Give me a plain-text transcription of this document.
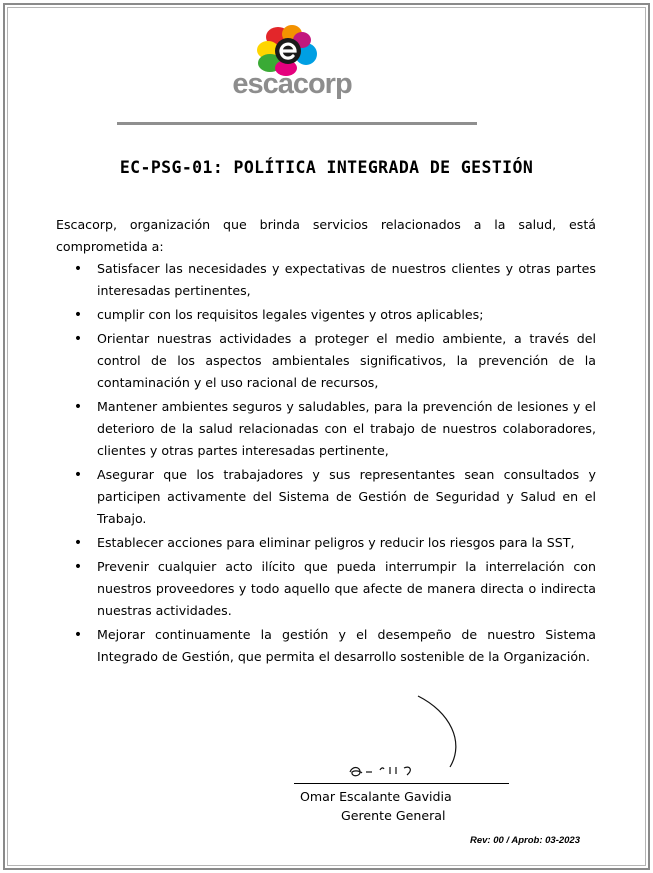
escacorp
EC-PSG-01: POLÍTICA INTEGRADA DE GESTIÓN

Escacorp, organización que brinda servicios relacionados a la salud, está comprometida a:

• Satisfacer las necesidades y expectativas de nuestros clientes y otras partes interesadas pertinentes,
• cumplir con los requisitos legales vigentes y otros aplicables;
• Orientar nuestras actividades a proteger el medio ambiente, a través del control de los aspectos ambientales significativos, la prevención de la contaminación y el uso racional de recursos,
• Mantener ambientes seguros y saludables, para la prevención de lesiones y el deterioro de la salud relacionadas con el trabajo de nuestros colaboradores, clientes y otras partes interesadas pertinente,
• Asegurar que los trabajadores y sus representantes sean consultados y participen activamente del Sistema de Gestión de Seguridad y Salud en el Trabajo.
• Establecer acciones para eliminar peligros y reducir los riesgos para la SST,
• Prevenir cualquier acto ilícito que pueda interrumpir la interrelación con nuestros proveedores y todo aquello que afecte de manera directa o indirecta nuestras actividades.
• Mejorar continuamente la gestión y el desempeño de nuestro Sistema Integrado de Gestión, que permita el desarrollo sostenible de la Organización.
Omar Escalante Gavidia
Gerente General
Rev: 00 / Aprob: 03-2023
